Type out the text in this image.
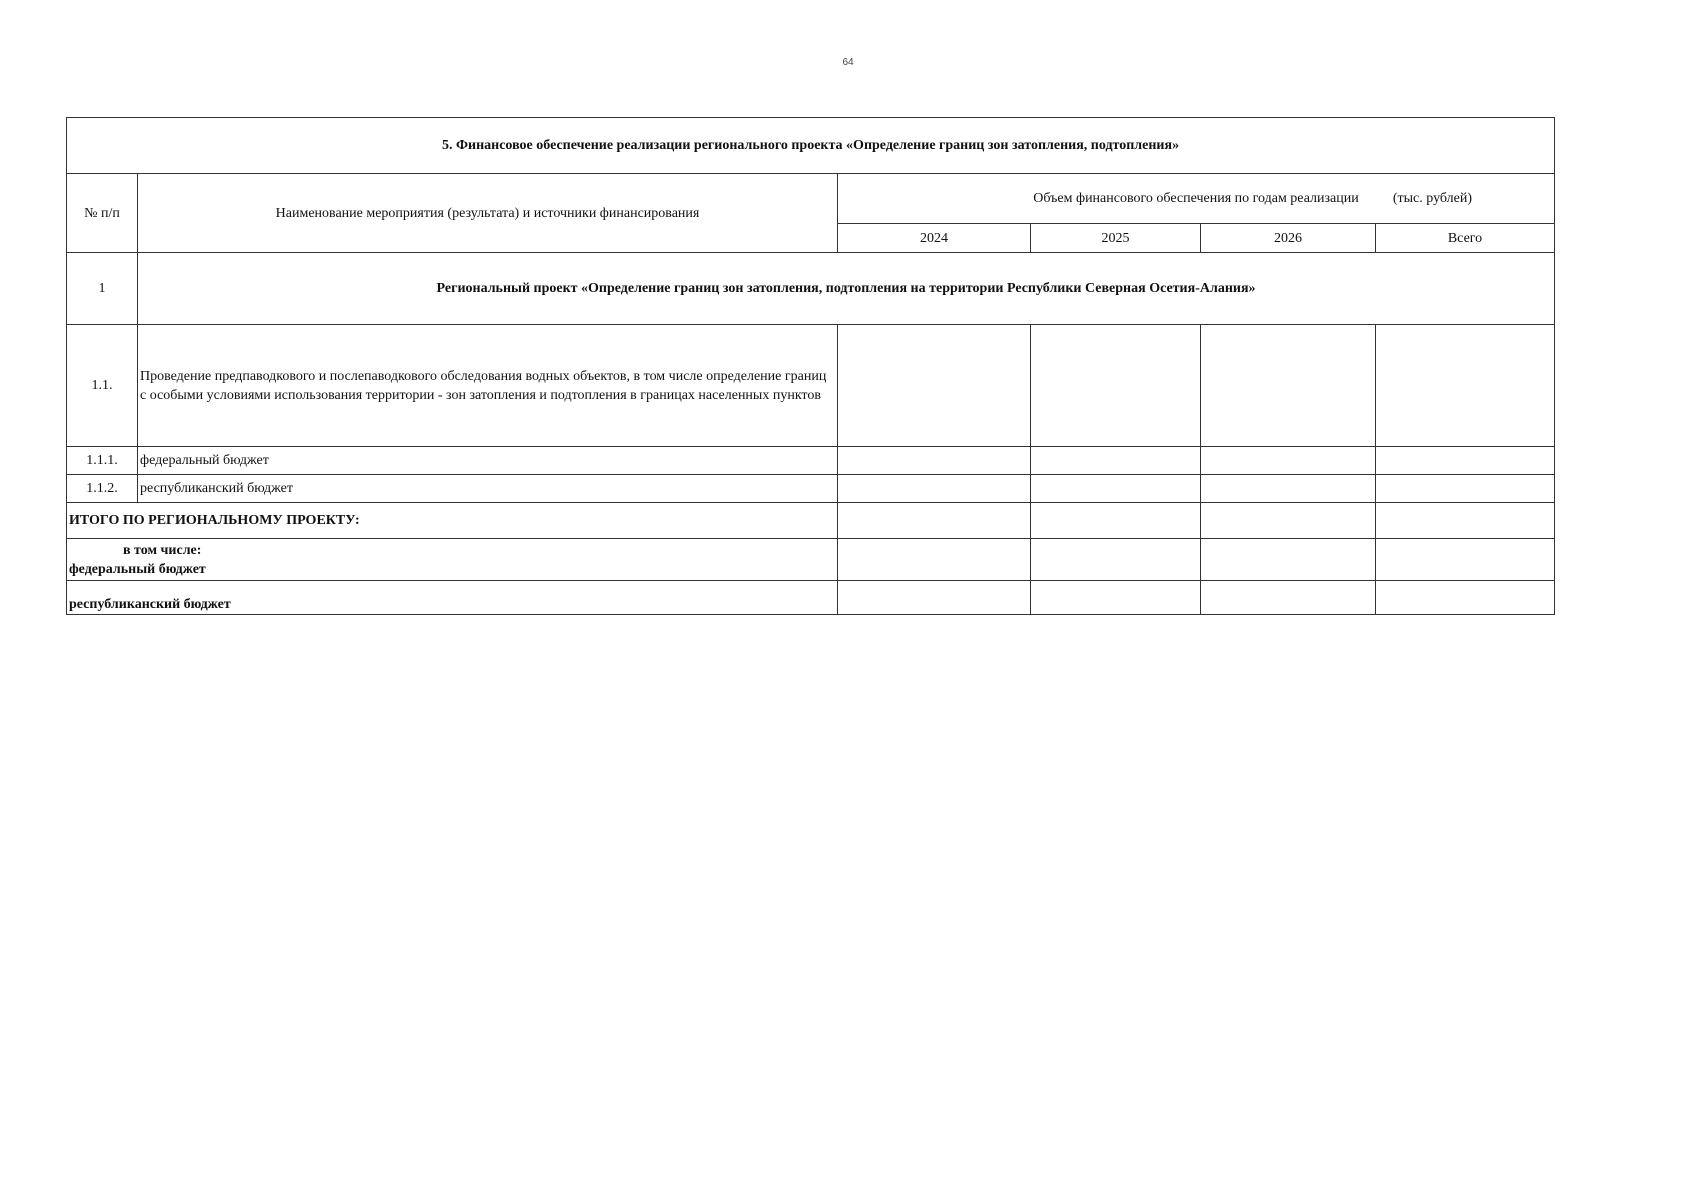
64
5. Финансовое обеспечение реализации регионального проекта «Определение границ зон затопления, подтопления»					
№ п/п	Наименование мероприятия (результата) и источники финансирования	Объем финансового обеспечения по годам реализации (тыс. рублей)			

		2024	2025	2026	Всего
1	Региональный проект «Определение границ зон затопления, подтопления на территории Республики Северная Осетия-Алания»				
1.1.	Проведение предпаводкового и послепаводкового обследования водных объектов, в том числе определение границ с особыми условиями использования территории - зон затопления и подтопления в границах населенных пунктов				
1.1.1.	федеральный бюджет				
1.1.2.	республиканский бюджет				
ИТОГО ПО РЕГИОНАЛЬНОМУ ПРОЕКТУ:					

в том числе:
федеральный бюджет					
республиканский бюджет					
